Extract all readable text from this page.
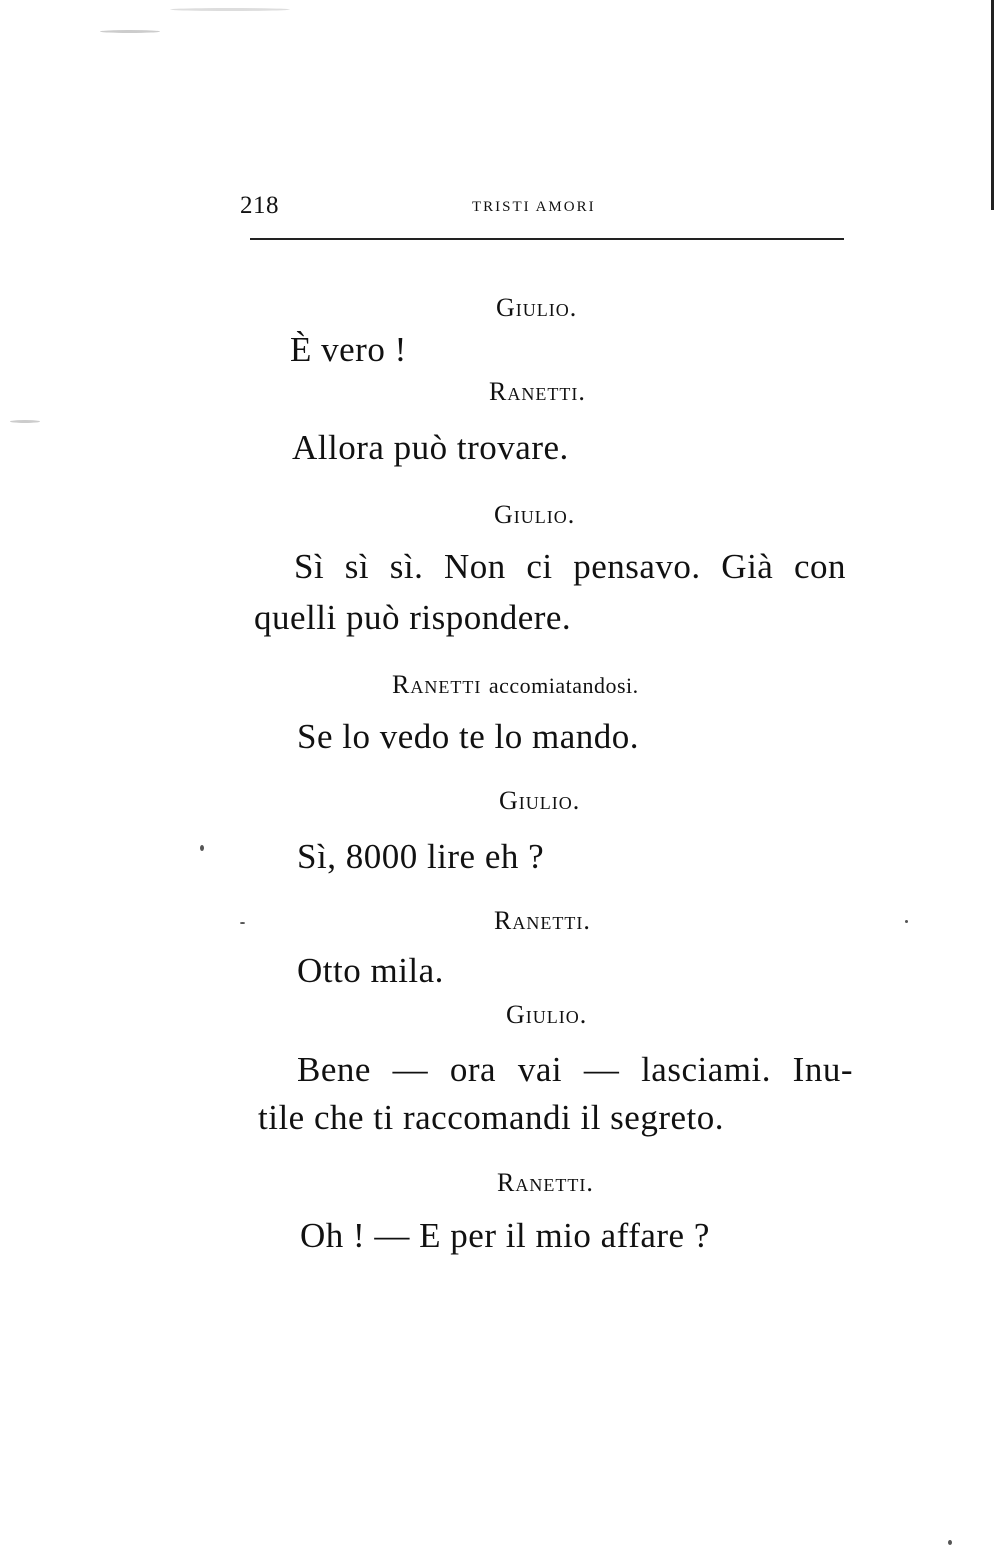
218	TRISTI AMORI
Giulio.
È vero !
Ranetti.
Allora può trovare.
Giulio.
Sì sì sì. Non ci pensavo. Già con
quelli può rispondere.
Ranetti accomiatandosi.
Se lo vedo te lo mando.
Giulio.
Sì, 8000 lire eh ?
Ranetti.
Otto mila.
Giulio.
Bene — ora vai — lasciami. Inu-
tile che ti raccomandi il segreto.
Ranetti.
Oh ! — E per il mio affare ?
